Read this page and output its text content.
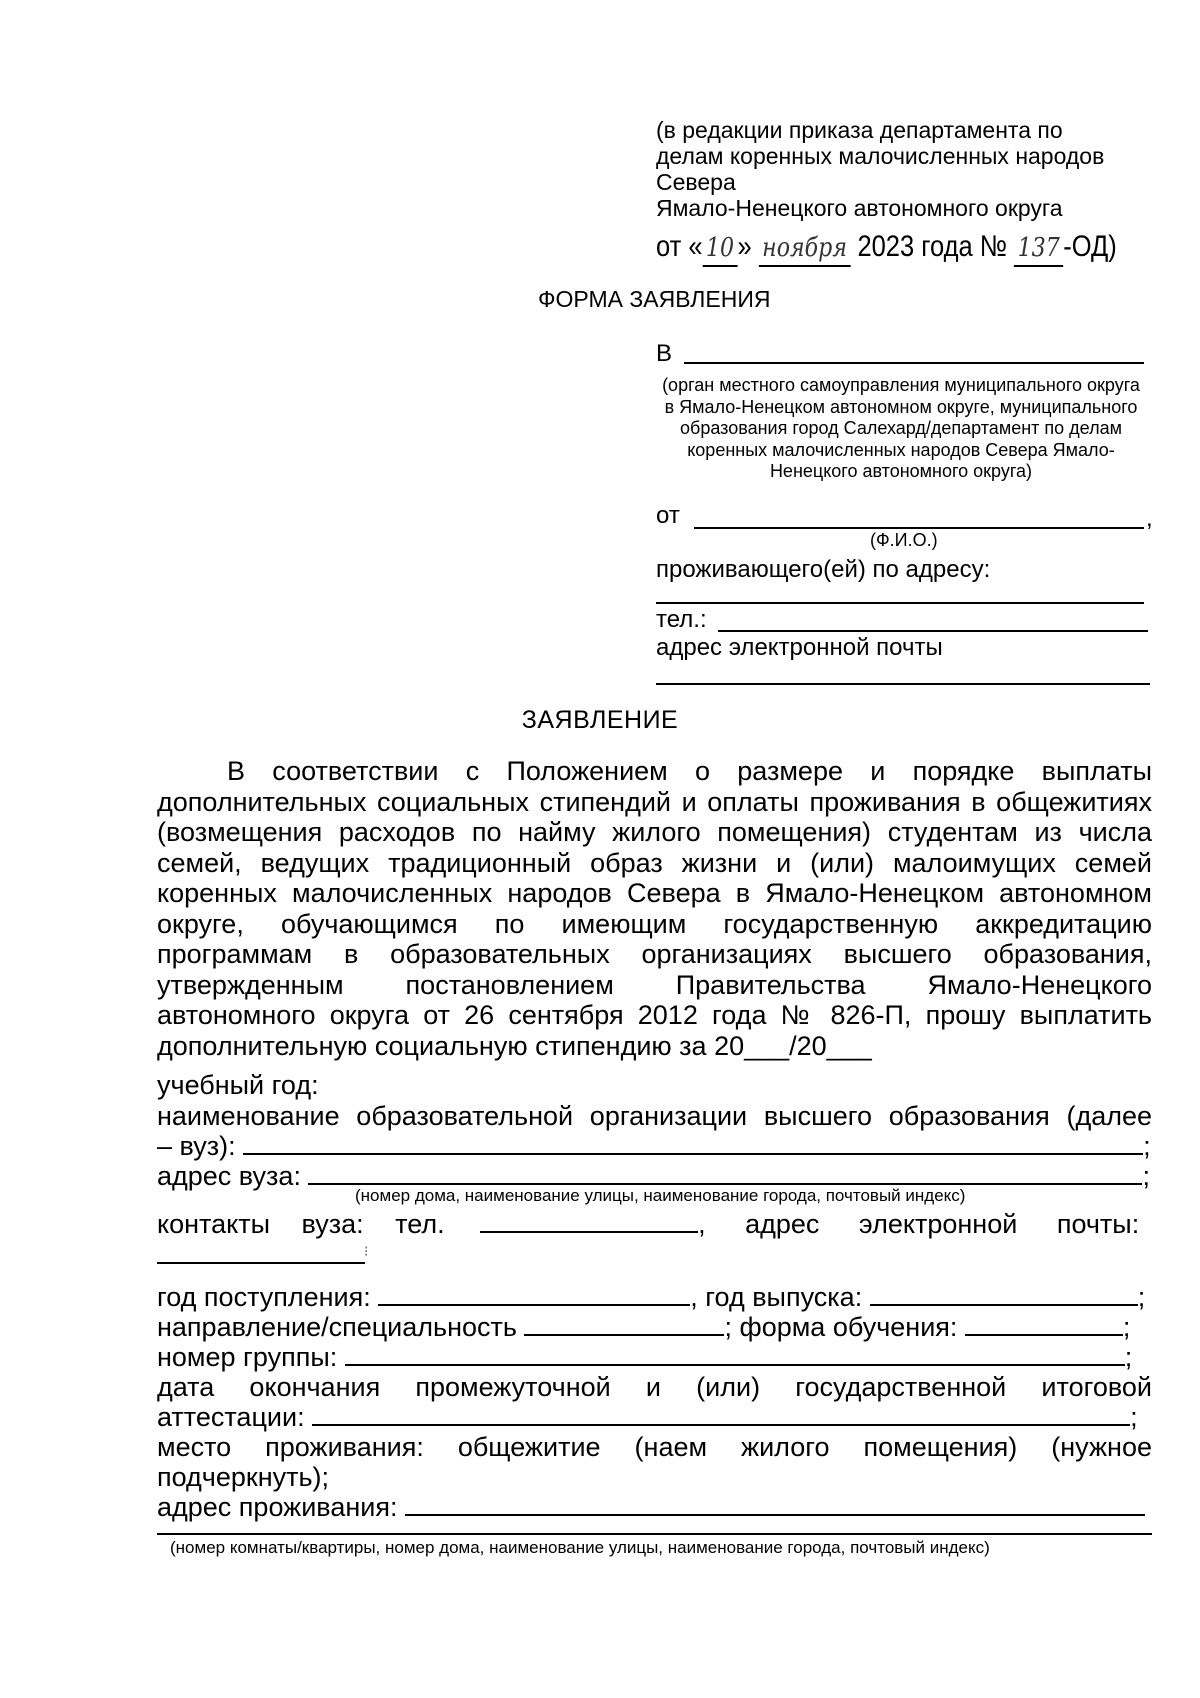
(в редакции приказа департамента по
делам коренных малочисленных народов
Севера
Ямало-Ненецкого автономного округа
от « 10 » ноября 2023 года № 137 -ОД)
ФОРМА ЗАЯВЛЕНИЯ
В
(орган местного самоуправления муниципального округа в Ямало-Ненецком автономном округе, муниципального образования город Салехард/департамент по делам коренных малочисленных народов Севера Ямало-Ненецкого автономного округа)
от	,
(Ф.И.О.)
проживающего(ей) по адресу:
тел.:
адрес электронной почты
ЗАЯВЛЕНИЕ
В соответствии с Положением о размере и порядке выплаты дополнительных социальных стипендий и оплаты проживания в общежитиях (возмещения расходов по найму жилого помещения) студентам из числа семей, ведущих традиционный образ жизни и (или) малоимущих семей коренных малочисленных народов Севера в Ямало-Ненецком автономном округе, обучающимся по имеющим государственную аккредитацию программам в образовательных организациях высшего образования, утвержденным постановлением Правительства Ямало-Ненецкого автономного округа от 26 сентября 2012 года № 826-П, прошу выплатить дополнительную социальную стипендию за 20___/20___
учебный год:
наименование образовательной организации высшего образования (далее
– вуз):	;
адрес вуза:	;
(номер дома, наименование улицы, наименование города, почтовый индекс)
контакты вуза: тел.	, адрес электронной почты:
⁝
год поступления:	, год выпуска:	;
направление/специальность	; форма обучения:	;
номер группы:	;
дата окончания промежуточной и (или) государственной итоговой
аттестации:	;
место проживания: общежитие (наем жилого помещения) (нужное
подчеркнуть);
адрес проживания:
(номер комнаты/квартиры, номер дома, наименование улицы, наименование города, почтовый индекс)
